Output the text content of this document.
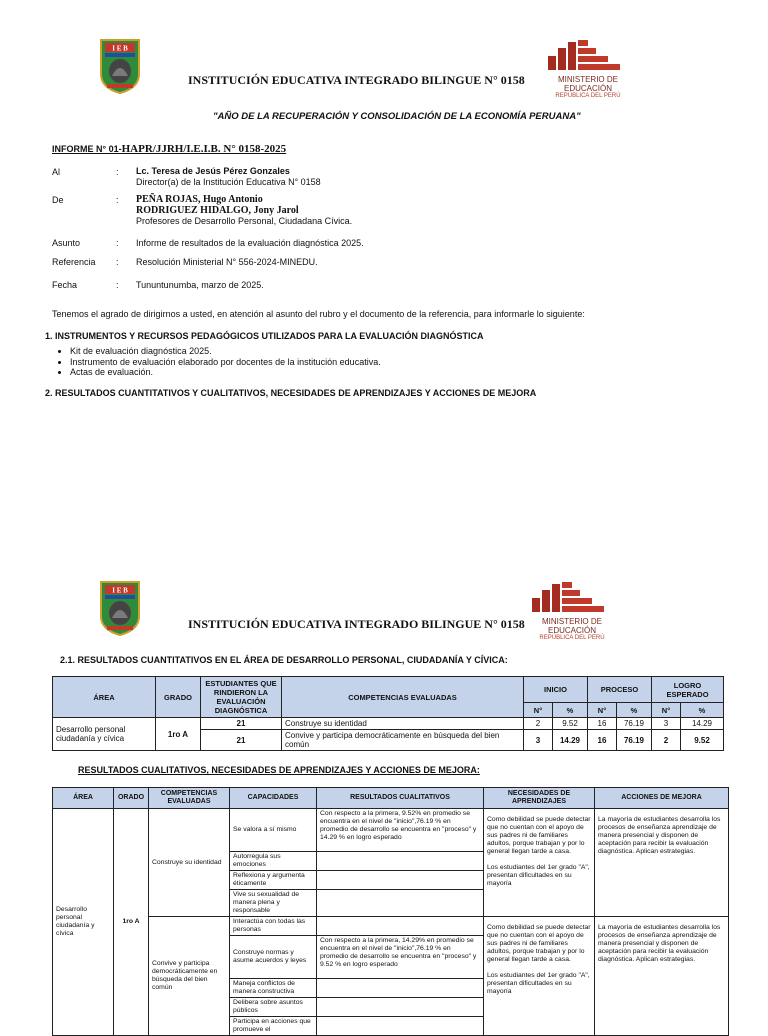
I E B
INSTITUCIÓN EDUCATIVA INTEGRADO BILINGUE N° 0158	MINISTERIO DE EDUCACIÓN
REPÚBLICA DEL PERÚ
"AÑO DE LA RECUPERACIÓN Y CONSOLIDACIÓN DE LA ECONOMÍA PERUANA"
INFORME N° 01-HAPR/JJRH/I.E.I.B. N° 0158-2025
Al	: Lc. Teresa de Jesús Pérez Gonzales
Director(a) de la Institución Educativa N° 0158
De	: PEÑA ROJAS, Hugo Antonio
RODRIGUEZ HIDALGO, Jony Jarol
Profesores de Desarrollo Personal, Ciudadana Cívica.
Asunto	: Informe de resultados de la evaluación diagnóstica 2025.
Referencia : Resolución Ministerial N° 556-2024-MINEDU.
Fecha	: Tununtunumba, marzo de 2025.
Tenemos el agrado de dirigirnos a usted, en atención al asunto del rubro y el documento de la referencia, para informarle lo siguiente:
1. INSTRUMENTOS Y RECURSOS PEDAGÓGICOS UTILIZADOS PARA LA EVALUACIÓN DIAGNÓSTICA
• Kit de evaluación diagnóstica 2025.
• Instrumento de evaluación elaborado por docentes de la institución educativa.
• Actas de evaluación.
2. RESULTADOS CUANTITATIVOS Y CUALITATIVOS, NECESIDADES DE APRENDIZAJES Y ACCIONES DE MEJORA
I E B
INSTITUCIÓN EDUCATIVA INTEGRADO BILINGUE N° 0158	MINISTERIO DE EDUCACIÓN
REPÚBLICA DEL PERÚ
2.1. RESULTADOS CUANTITATIVOS EN EL ÁREA DE DESARROLLO PERSONAL, CIUDADANÍA Y CÍVICA:
ÁREA	GRADO	ESTUDIANTES QUE RINDIERON LA EVALUACIÓN DIAGNÓSTICA	COMPETENCIAS EVALUADAS	INICIO		PROCESO		LOGRO ESPERADO	
				N°	%	N°	%	N°	%
Desarrollo personal ciudadanía y cívica	1ro A	21	Construye su identidad	2	9.52	16	76.19	3	14.29
		21	Convive y participa democráticamente en búsqueda del bien común	3	14.29	16	76.19	2	9.52
RESULTADOS CUALITATIVOS, NECESIDADES DE APRENDIZAJES Y ACCIONES DE MEJORA:
ÁREA	ORADO	COMPETENCIAS EVALUADAS	CAPACIDADES	RESULTADOS CUALITATIVOS	NECESIDADES DE APRENDIZAJES	ACCIONES DE MEJORA
Desarrollo personal ciudadanía y cívica	1ro A	Construye su identidad	Se valora a sí mismo	Con respecto a la primera, 9.52% en promedio se encuentra en el nivel de "inicio",76.19 % en promedio de desarrollo se encuentra en "proceso" y 14.29 % en logro esperado	Como debilidad se puede detectar que no cuentan con el apoyo de sus padres ni de familiares adultos, porque trabajan y por lo general llegan tarde a casa.
Los estudiantes del 1er grado "A", presentan dificultades en su mayoría	La mayoría de estudiantes desarrolla los procesos de enseñanza aprendizaje de manera presencial y disponen de aceptación para recibir la evaluación diagnóstica. Aplican estrategias.

			Autorregula sus emociones			
			Reflexiona y argumenta éticamente			
			Vive su sexualidad de manera plena y responsable			
		Convive y participa democráticamente en búsqueda del bien común	Interactúa con todas las personas		Como debilidad se puede detectar que no cuentan con el apoyo de sus padres ni de familiares adultos, porque trabajan y por lo general llegan tarde a casa.
Los estudiantes del 1er grado "A", presentan dificultades en su mayoría	La mayoría de estudiantes desarrolla los procesos de enseñanza aprendizaje de manera presencial y disponen de aceptación para recibir la evaluación diagnóstica. Aplican estrategias.

			Construye normas y asume acuerdos y leyes	Con respecto a la primera, 14.29% en promedio se encuentra en el nivel de "inicio",76.19 % en promedio de desarrollo se encuentra en "proceso" y 9.52 % en logro esperado		
			Maneja conflictos de manera constructiva			
			Delibera sobre asuntos públicos			
			Participa en acciones que promueve el			
